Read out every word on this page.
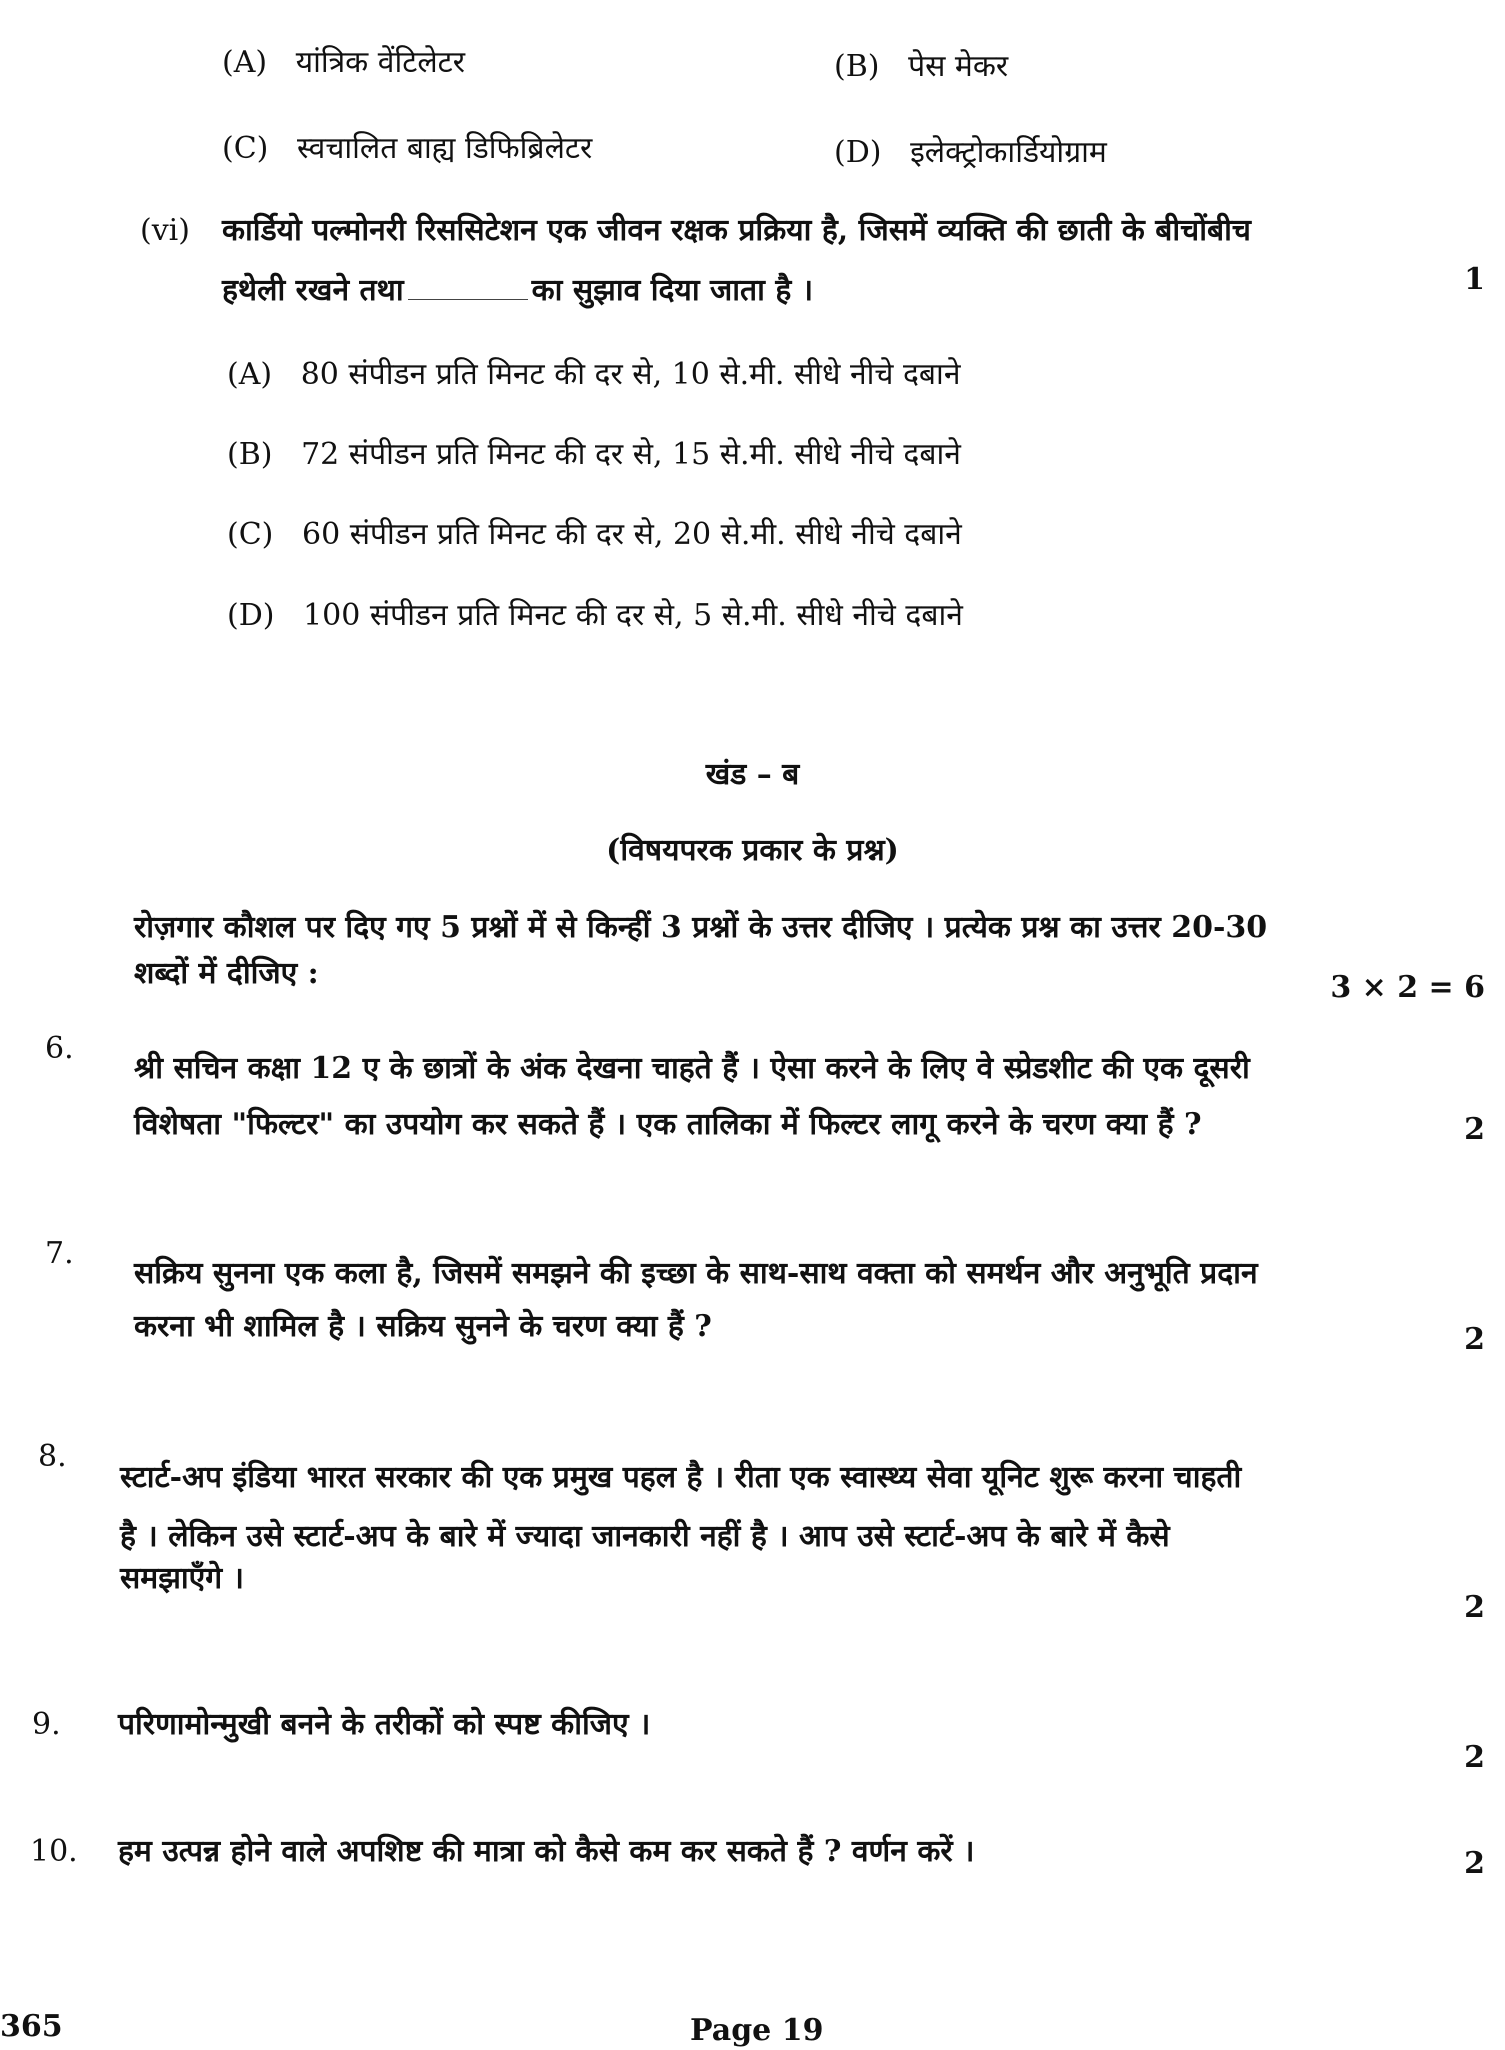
(A) यांत्रिक वेंटिलेटर	(B) पेस मेकर
(C) स्वचालित बाह्य डिफिब्रिलेटर	(D) इलेक्ट्रोकार्डियोग्राम
(vi) कार्डियो पल्मोनरी रिससिटेशन एक जीवन रक्षक प्रक्रिया है, जिसमें व्यक्ति की छाती के बीचोंबीच
हथेली रखने तथा	का सुझाव दिया जाता है ।	1
(A) 80 संपीडन प्रति मिनट की दर से, 10 से.मी. सीधे नीचे दबाने
(B) 72 संपीडन प्रति मिनट की दर से, 15 से.मी. सीधे नीचे दबाने
(C) 60 संपीडन प्रति मिनट की दर से, 20 से.मी. सीधे नीचे दबाने
(D) 100 संपीडन प्रति मिनट की दर से, 5 से.मी. सीधे नीचे दबाने
खंड – ब
(विषयपरक प्रकार के प्रश्न)
रोज़गार कौशल पर दिए गए 5 प्रश्नों में से किन्हीं 3 प्रश्नों के उत्तर दीजिए । प्रत्येक प्रश्न का उत्तर 20-30
शब्दों में दीजिए :	3 × 2 = 6
6.
श्री सचिन कक्षा 12 ए के छात्रों के अंक देखना चाहते हैं । ऐसा करने के लिए वे स्प्रेडशीट की एक दूसरी
विशेषता "फिल्टर" का उपयोग कर सकते हैं । एक तालिका में फिल्टर लागू करने के चरण क्या हैं ?	2
7.
सक्रिय सुनना एक कला है, जिसमें समझने की इच्छा के साथ-साथ वक्ता को समर्थन और अनुभूति प्रदान
करना भी शामिल है । सक्रिय सुनने के चरण क्या हैं ?	2
8.
स्टार्ट-अप इंडिया भारत सरकार की एक प्रमुख पहल है । रीता एक स्वास्थ्य सेवा यूनिट शुरू करना चाहती
है । लेकिन उसे स्टार्ट-अप के बारे में ज्यादा जानकारी नहीं है । आप उसे स्टार्ट-अप के बारे में कैसे
समझाएँगे ।
2
9. परिणामोन्मुखी बनने के तरीकों को स्पष्ट कीजिए ।
2
10. हम उत्पन्न होने वाले अपशिष्ट की मात्रा को कैसे कम कर सकते हैं ? वर्णन करें ।	2
365	Page 19
